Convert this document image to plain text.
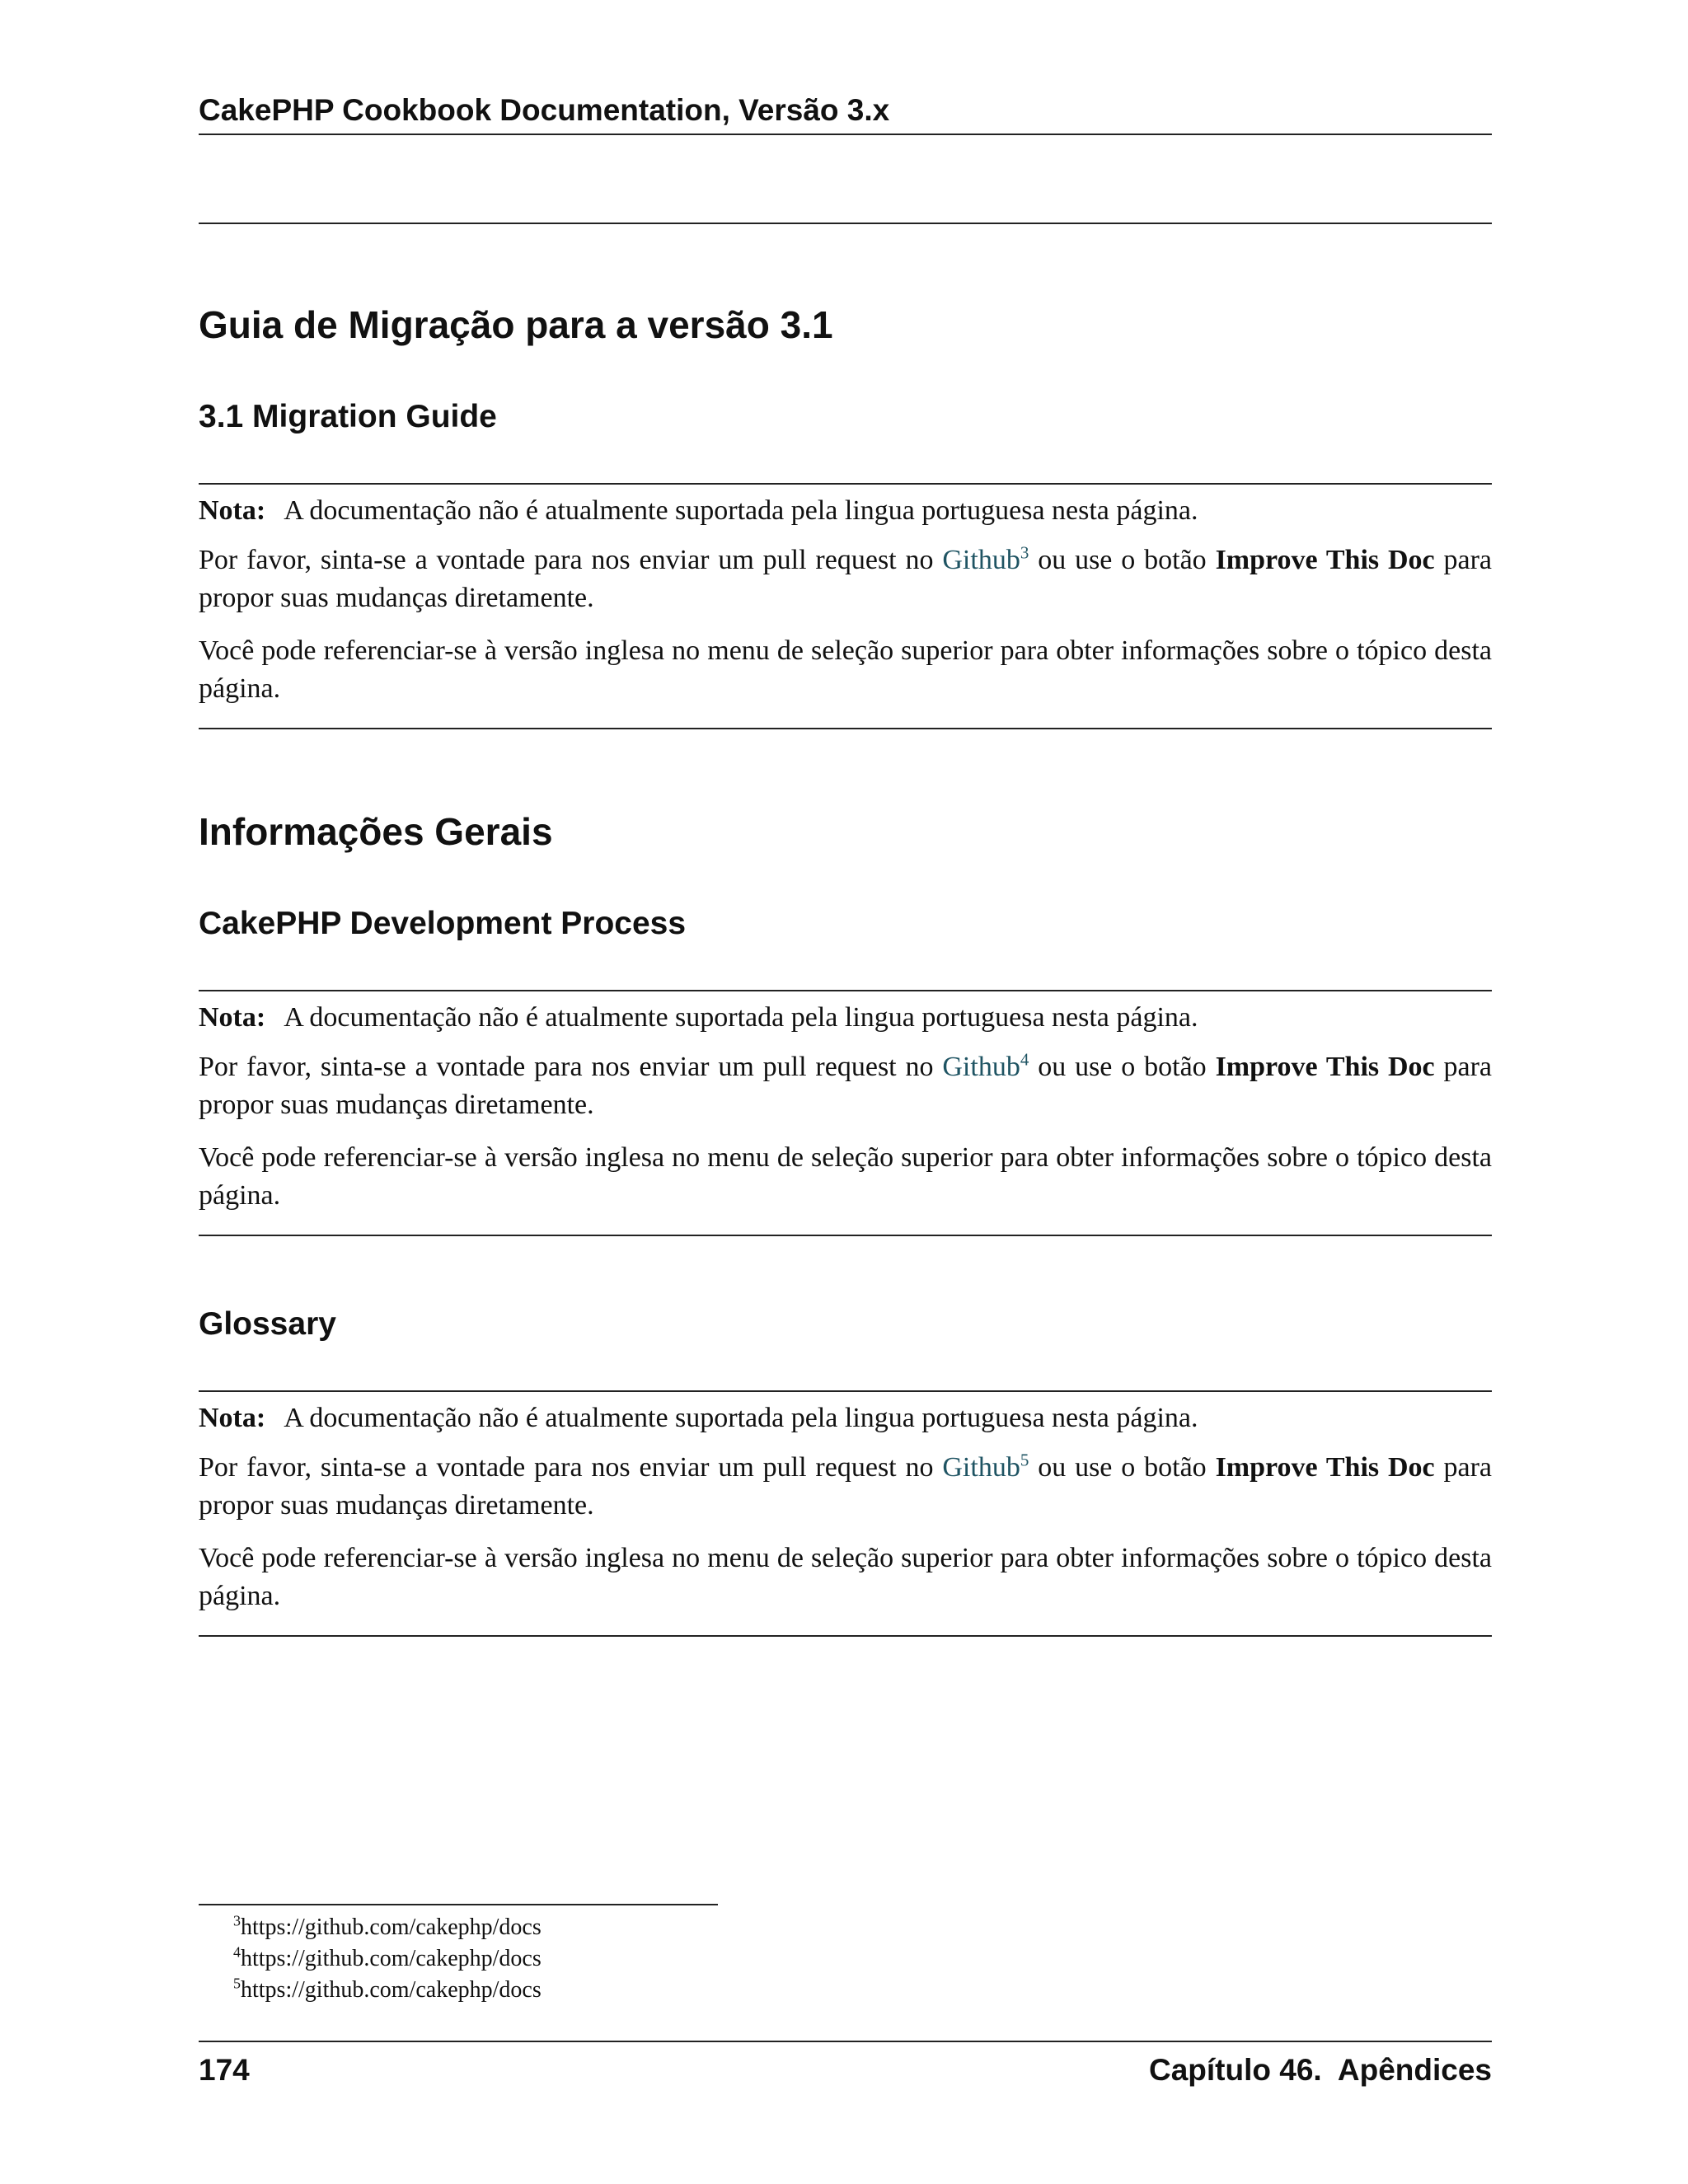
CakePHP Cookbook Documentation, Versão 3.x
Guia de Migração para a versão 3.1
3.1 Migration Guide

Nota: A documentação não é atualmente suportada pela lingua portuguesa nesta página.

Por favor, sinta-se a vontade para nos enviar um pull request no Github$^3$ ou use o botão Improve This Doc para propor suas mudanças diretamente.

Você pode referenciar-se à versão inglesa no menu de seleção superior para obter informações sobre o tópico desta página.

Informações Gerais
CakePHP Development Process

Nota: A documentação não é atualmente suportada pela lingua portuguesa nesta página.

Por favor, sinta-se a vontade para nos enviar um pull request no Github$^4$ ou use o botão Improve This Doc para propor suas mudanças diretamente.

Você pode referenciar-se à versão inglesa no menu de seleção superior para obter informações sobre o tópico desta página.

Glossary

Nota: A documentação não é atualmente suportada pela lingua portuguesa nesta página.

Por favor, sinta-se a vontade para nos enviar um pull request no Github$^5$ ou use o botão Improve This Doc para propor suas mudanças diretamente.

Você pode referenciar-se à versão inglesa no menu de seleção superior para obter informações sobre o tópico desta página.

$^3$https://github.com/cakephp/docs
$^4$https://github.com/cakephp/docs
$^5$https://github.com/cakephp/docs
174	Capítulo 46.  Apêndices
